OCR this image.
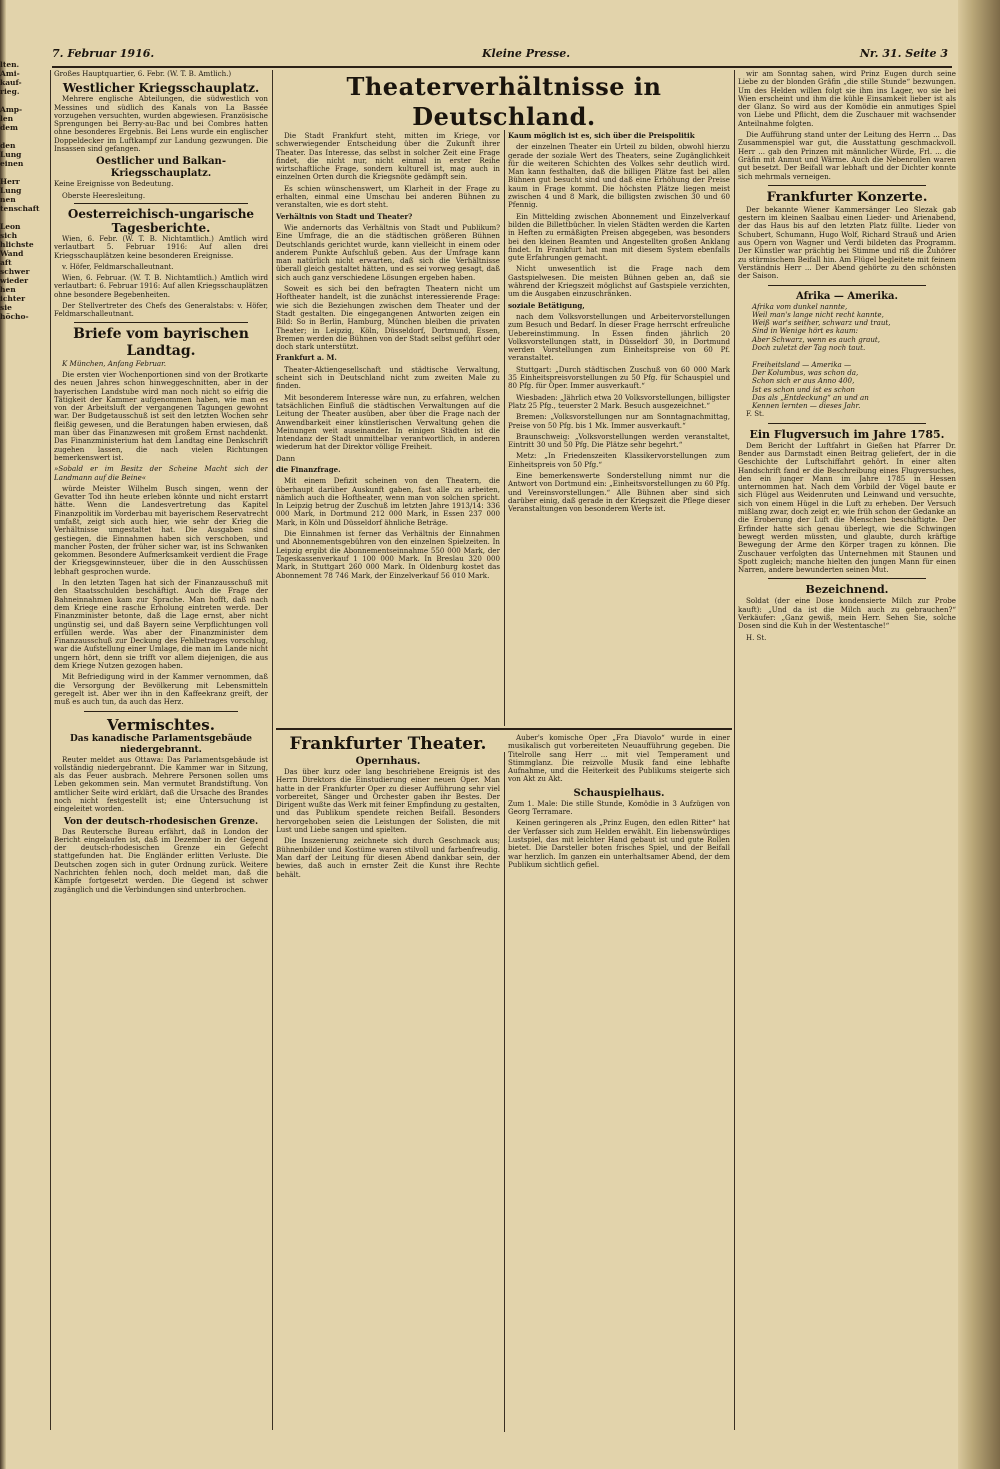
7. Februar 1916.	Kleine Presse.	Nr. 31. Seite 3
lten.
Ami-
kauf-
rieg.

Amp-
len
dem

den
Lung
einen

Herr
Lung
nen
tenschaft

Leon
sich
hlichste
Wand
aft
schwer
wieder
hen
ichter
sie
höcho-

Großes Hauptquartier, 6. Febr. (W. T. B. Amtlich.)

Westlicher Kriegsschauplatz.

Mehrere englische Abteilungen, die südwestlich von Messines und südlich des Kanals von La Bassée vorzugehen versuchten, wurden abgewiesen. Französische Sprengungen bei Berry-au-Bac und bei Combres hatten ohne besonderes Ergebnis. Bei Lens wurde ein englischer Doppeldecker im Luftkampf zur Landung gezwungen. Die Insassen sind gefangen.

Oestlicher und Balkan-Kriegsschauplatz.

Keine Ereignisse von Bedeutung.

Oberste Heeresleitung.

Oesterreichisch-ungarische Tagesberichte.

Wien, 6. Febr. (W. T. B. Nichtamtlich.) Amtlich wird verlautbart 5. Februar 1916: Auf allen drei Kriegsschauplätzen keine besonderen Ereignisse.

v. Höfer, Feldmarschalleutnant.

Wien, 6. Februar. (W. T. B. Nichtamtlich.) Amtlich wird verlautbart: 6. Februar 1916: Auf allen Kriegsschauplätzen ohne besondere Begebenheiten.

Der Stellvertreter des Chefs des Generalstabs: v. Höfer, Feldmarschalleutnant.

Briefe vom bayrischen Landtag.

K München, Anfang Februar.

Die ersten vier Wochenportionen sind von der Brotkarte des neuen Jahres schon hinweggeschnitten, aber in der bayerischen Landstube wird man noch nicht so eifrig die Tätigkeit der Kammer aufgenommen haben, wie man es von der Arbeitsluft der vergangenen Tagungen gewohnt war. Der Budgetausschuß ist seit den letzten Wochen sehr fleißig gewesen, und die Beratungen haben erwiesen, daß man über das Finanzwesen mit großem Ernst nachdenkt. Das Finanzministerium hat dem Landtag eine Denkschrift zugehen lassen, die nach vielen Richtungen bemerkenswert ist.

»Sobald er im Besitz der Scheine Macht sich der Landmann auf die Beine«

würde Meister Wilhelm Busch singen, wenn der Gevatter Tod ihn heute erleben könnte und nicht erstarrt hätte. Wenn die Landesvertretung das Kapitel Finanzpolitik im Vorderbau mit bayerischem Reservatrecht umfaßt, zeigt sich auch hier, wie sehr der Krieg die Verhältnisse umgestaltet hat. Die Ausgaben sind gestiegen, die Einnahmen haben sich verschoben, und mancher Posten, der früher sicher war, ist ins Schwanken gekommen. Besondere Aufmerksamkeit verdient die Frage der Kriegsgewinnsteuer, über die in den Ausschüssen lebhaft gesprochen wurde.

In den letzten Tagen hat sich der Finanzausschuß mit den Staatsschulden beschäftigt. Auch die Frage der Bahneinnahmen kam zur Sprache. Man hofft, daß nach dem Kriege eine rasche Erholung eintreten werde. Der Finanzminister betonte, daß die Lage ernst, aber nicht ungünstig sei, und daß Bayern seine Verpflichtungen voll erfüllen werde. Was aber der Finanzminister dem Finanzausschuß zur Deckung des Fehlbetrages vorschlug, war die Aufstellung einer Umlage, die man im Lande nicht ungern hört, denn sie trifft vor allem diejenigen, die aus dem Kriege Nutzen gezogen haben.

Mit Befriedigung wird in der Kammer vernommen, daß die Versorgung der Bevölkerung mit Lebensmitteln geregelt ist. Aber wer ihn in den Kaffeekranz greift, der muß es auch tun, da auch das Herz.

Vermischtes.
Das kanadische Parlamentsgebäude niedergebrannt.

Reuter meldet aus Ottawa: Das Parlamentsgebäude ist vollständig niedergebrannt. Die Kammer war in Sitzung, als das Feuer ausbrach. Mehrere Personen sollen ums Leben gekommen sein. Man vermutet Brandstiftung. Von amtlicher Seite wird erklärt, daß die Ursache des Brandes noch nicht festgestellt ist; eine Untersuchung ist eingeleitet worden.

Von der deutsch-rhodesischen Grenze.

Das Reutersche Bureau erfährt, daß in London der Bericht eingelaufen ist, daß im Dezember in der Gegend der deutsch-rhodesischen Grenze ein Gefecht stattgefunden hat. Die Engländer erlitten Verluste. Die Deutschen zogen sich in guter Ordnung zurück. Weitere Nachrichten fehlen noch, doch meldet man, daß die Kämpfe fortgesetzt werden. Die Gegend ist schwer zugänglich und die Verbindungen sind unterbrochen.

Theaterverhältnisse in Deutschland.

Die Stadt Frankfurt steht, mitten im Kriege, vor schwerwiegender Entscheidung über die Zukunft ihrer Theater. Das Interesse, das selbst in solcher Zeit eine Frage findet, die nicht nur, nicht einmal in erster Reihe wirtschaftliche Frage, sondern kulturell ist, mag auch in einzelnen Orten durch die Kriegsnöte gedämpft sein.

Es schien wünschenswert, um Klarheit in der Frage zu erhalten, einmal eine Umschau bei anderen Bühnen zu veranstalten, wie es dort steht.

Verhältnis von Stadt und Theater?

Wie andernorts das Verhältnis von Stadt und Publikum? Eine Umfrage, die an die städtischen größeren Bühnen Deutschlands gerichtet wurde, kann vielleicht in einem oder anderem Punkte Aufschluß geben. Aus der Umfrage kann man natürlich nicht erwarten, daß sich die Verhältnisse überall gleich gestaltet hätten, und es sei vorweg gesagt, daß sich auch ganz verschiedene Lösungen ergeben haben.

Soweit es sich bei den befragten Theatern nicht um Hoftheater handelt, ist die zunächst interessierende Frage: wie sich die Beziehungen zwischen dem Theater und der Stadt gestalten. Die eingegangenen Antworten zeigen ein Bild: So in Berlin, Hamburg, München bleiben die privaten Theater; in Leipzig, Köln, Düsseldorf, Dortmund, Essen, Bremen werden die Bühnen von der Stadt selbst geführt oder doch stark unterstützt.

Frankfurt a. M.

Theater-Aktiengesellschaft und städtische Verwaltung, scheint sich in Deutschland nicht zum zweiten Male zu finden.

Mit besonderem Interesse wäre nun, zu erfahren, welchen tatsächlichen Einfluß die städtischen Verwaltungen auf die Leitung der Theater ausüben, aber über die Frage nach der Anwendbarkeit einer künstlerischen Verwaltung gehen die Meinungen weit auseinander. In einigen Städten ist die Intendanz der Stadt unmittelbar verantwortlich, in anderen wiederum hat der Direktor völlige Freiheit.

Dann

die Finanzfrage.

Mit einem Defizit scheinen von den Theatern, die überhaupt darüber Auskunft gaben, fast alle zu arbeiten, nämlich auch die Hoftheater, wenn man von solchen spricht. In Leipzig betrug der Zuschuß im letzten Jahre 1913/14: 336 000 Mark, in Dortmund 212 000 Mark, in Essen 237 000 Mark, in Köln und Düsseldorf ähnliche Beträge.

Die Einnahmen ist ferner das Verhältnis der Einnahmen und Abonnementsgebühren von den einzelnen Spielzeiten. In Leipzig ergibt die Abonnementseinnahme 550 000 Mark, der Tageskassenverkauf 1 100 000 Mark. In Breslau 320 000 Mark, in Stuttgart 260 000 Mark. In Oldenburg kostet das Abonnement 78 746 Mark, der Einzelverkauf 56 010 Mark.

Kaum möglich ist es, sich über die Preispolitik

der einzelnen Theater ein Urteil zu bilden, obwohl hierzu gerade der soziale Wert des Theaters, seine Zugänglichkeit für die weiteren Schichten des Volkes sehr deutlich wird. Man kann festhalten, daß die billigen Plätze fast bei allen Bühnen gut besucht sind und daß eine Erhöhung der Preise kaum in Frage kommt. Die höchsten Plätze liegen meist zwischen 4 und 8 Mark, die billigsten zwischen 30 und 60 Pfennig.

Ein Mittelding zwischen Abonnement und Einzelverkauf bilden die Billettbücher. In vielen Städten werden die Karten in Heften zu ermäßigten Preisen abgegeben, was besonders bei den kleinen Beamten und Angestellten großen Anklang findet. In Frankfurt hat man mit diesem System ebenfalls gute Erfahrungen gemacht.

Nicht unwesentlich ist die Frage nach dem Gastspielwesen. Die meisten Bühnen geben an, daß sie während der Kriegszeit möglichst auf Gastspiele verzichten, um die Ausgaben einzuschränken.

soziale Betätigung,

nach dem Volksvorstellungen und Arbeitervorstellungen zum Besuch und Bedarf. In dieser Frage herrscht erfreuliche Uebereinstimmung. In Essen finden jährlich 20 Volksvorstellungen statt, in Düsseldorf 30, in Dortmund werden Vorstellungen zum Einheitspreise von 60 Pf. veranstaltet.

Stuttgart: „Durch städtischen Zuschuß von 60 000 Mark 35 Einheitspreisvorstellungen zu 50 Pfg. für Schauspiel und 80 Pfg. für Oper. Immer ausverkauft.“

Wiesbaden: „Jährlich etwa 20 Volksvorstellungen, billigster Platz 25 Pfg., teuerster 2 Mark. Besuch ausgezeichnet.“

Bremen: „Volksvorstellungen nur am Sonntagnachmittag, Preise von 50 Pfg. bis 1 Mk. Immer ausverkauft.“

Braunschweig: „Volksvorstellungen werden veranstaltet, Eintritt 30 und 50 Pfg. Die Plätze sehr begehrt.“

Metz: „In Friedenszeiten Klassikervorstellungen zum Einheitspreis von 50 Pfg.“

Eine bemerkenswerte Sonderstellung nimmt nur die Antwort von Dortmund ein: „Einheitsvorstellungen zu 60 Pfg. und Vereinsvorstellungen.“ Alle Bühnen aber sind sich darüber einig, daß gerade in der Kriegszeit die Pflege dieser Veranstaltungen von besonderem Werte ist.

Frankfurter Theater.
Opernhaus.

Das über kurz oder lang beschriebene Ereignis ist des Herrn Direktors die Einstudierung einer neuen Oper. Man hatte in der Frankfurter Oper zu dieser Aufführung sehr viel vorbereitet, Sänger und Orchester gaben ihr Bestes. Der Dirigent wußte das Werk mit feiner Empfindung zu gestalten, und das Publikum spendete reichen Beifall. Besonders hervorgehoben seien die Leistungen der Solisten, die mit Lust und Liebe sangen und spielten.

Die Inszenierung zeichnete sich durch Geschmack aus; Bühnenbilder und Kostüme waren stilvoll und farbenfreudig. Man darf der Leitung für diesen Abend dankbar sein, der bewies, daß auch in ernster Zeit die Kunst ihre Rechte behält.

Auber's komische Oper „Fra Diavolo“ wurde in einer musikalisch gut vorbereiteten Neuaufführung gegeben. Die Titelrolle sang Herr ... mit viel Temperament und Stimmglanz. Die reizvolle Musik fand eine lebhafte Aufnahme, und die Heiterkeit des Publikums steigerte sich von Akt zu Akt.

Schauspielhaus.

Zum 1. Male: Die stille Stunde, Komödie in 3 Aufzügen von Georg Terramare.

Keinen geringeren als „Prinz Eugen, den edlen Ritter“ hat der Verfasser sich zum Helden erwählt. Ein liebenswürdiges Lustspiel, das mit leichter Hand gebaut ist und gute Rollen bietet. Die Darsteller boten frisches Spiel, und der Beifall war herzlich. Im ganzen ein unterhaltsamer Abend, der dem Publikum sichtlich gefiel.

wir am Sonntag sahen, wird Prinz Eugen durch seine Liebe zu der blonden Gräfin „die stille Stunde“ bezwungen. Um des Helden willen folgt sie ihm ins Lager, wo sie bei Wien erscheint und ihm die kühle Einsamkeit lieber ist als der Glanz. So wird aus der Komödie ein anmutiges Spiel von Liebe und Pflicht, dem die Zuschauer mit wachsender Anteilnahme folgten.

Die Aufführung stand unter der Leitung des Herrn ... Das Zusammenspiel war gut, die Ausstattung geschmackvoll. Herr ... gab den Prinzen mit männlicher Würde, Frl. ... die Gräfin mit Anmut und Wärme. Auch die Nebenrollen waren gut besetzt. Der Beifall war lebhaft und der Dichter konnte sich mehrmals verneigen.

Frankfurter Konzerte.

Der bekannte Wiener Kammersänger Leo Slezak gab gestern im kleinen Saalbau einen Lieder- und Arienabend, der das Haus bis auf den letzten Platz füllte. Lieder von Schubert, Schumann, Hugo Wolf, Richard Strauß und Arien aus Opern von Wagner und Verdi bildeten das Programm. Der Künstler war prächtig bei Stimme und riß die Zuhörer zu stürmischem Beifall hin. Am Flügel begleitete mit feinem Verständnis Herr ... Der Abend gehörte zu den schönsten der Saison.

Afrika — Amerika.
Afrika vom dunkel nannte,
Weil man's lange nicht recht kannte,
Weiß war's seither, schwarz und traut,
Sind in Wenige hört es kaum:
Aber Schwarz, wenn es auch graut,
Doch zuletzt der Tag noch taut.

Freiheitsland — Amerika —
Der Kolumbus, was schon da,
Schon sich er aus Anno 400,
Ist es schon und ist es schon
Das als „Entdeckung“ an und an
Kennen lernten — dieses Jahr.

F. St.

Ein Flugversuch im Jahre 1785.

Dem Bericht der Luftfahrt in Gießen hat Pfarrer Dr. Bender aus Darmstadt einen Beitrag geliefert, der in die Geschichte der Luftschiffahrt gehört. In einer alten Handschrift fand er die Beschreibung eines Flugversuches, den ein junger Mann im Jahre 1785 in Hessen unternommen hat. Nach dem Vorbild der Vögel baute er sich Flügel aus Weidenruten und Leinwand und versuchte, sich von einem Hügel in die Luft zu erheben. Der Versuch mißlang zwar, doch zeigt er, wie früh schon der Gedanke an die Eroberung der Luft die Menschen beschäftigte. Der Erfinder hatte sich genau überlegt, wie die Schwingen bewegt werden müssten, und glaubte, durch kräftige Bewegung der Arme den Körper tragen zu können. Die Zuschauer verfolgten das Unternehmen mit Staunen und Spott zugleich; manche hielten den jungen Mann für einen Narren, andere bewunderten seinen Mut.

Bezeichnend.

Soldat (der eine Dose kondensierte Milch zur Probe kauft): „Und da ist die Milch auch zu gebrauchen?“ Verkäufer: „Ganz gewiß, mein Herr. Sehen Sie, solche Dosen sind die Kuh in der Westentasche!“

H. St.
